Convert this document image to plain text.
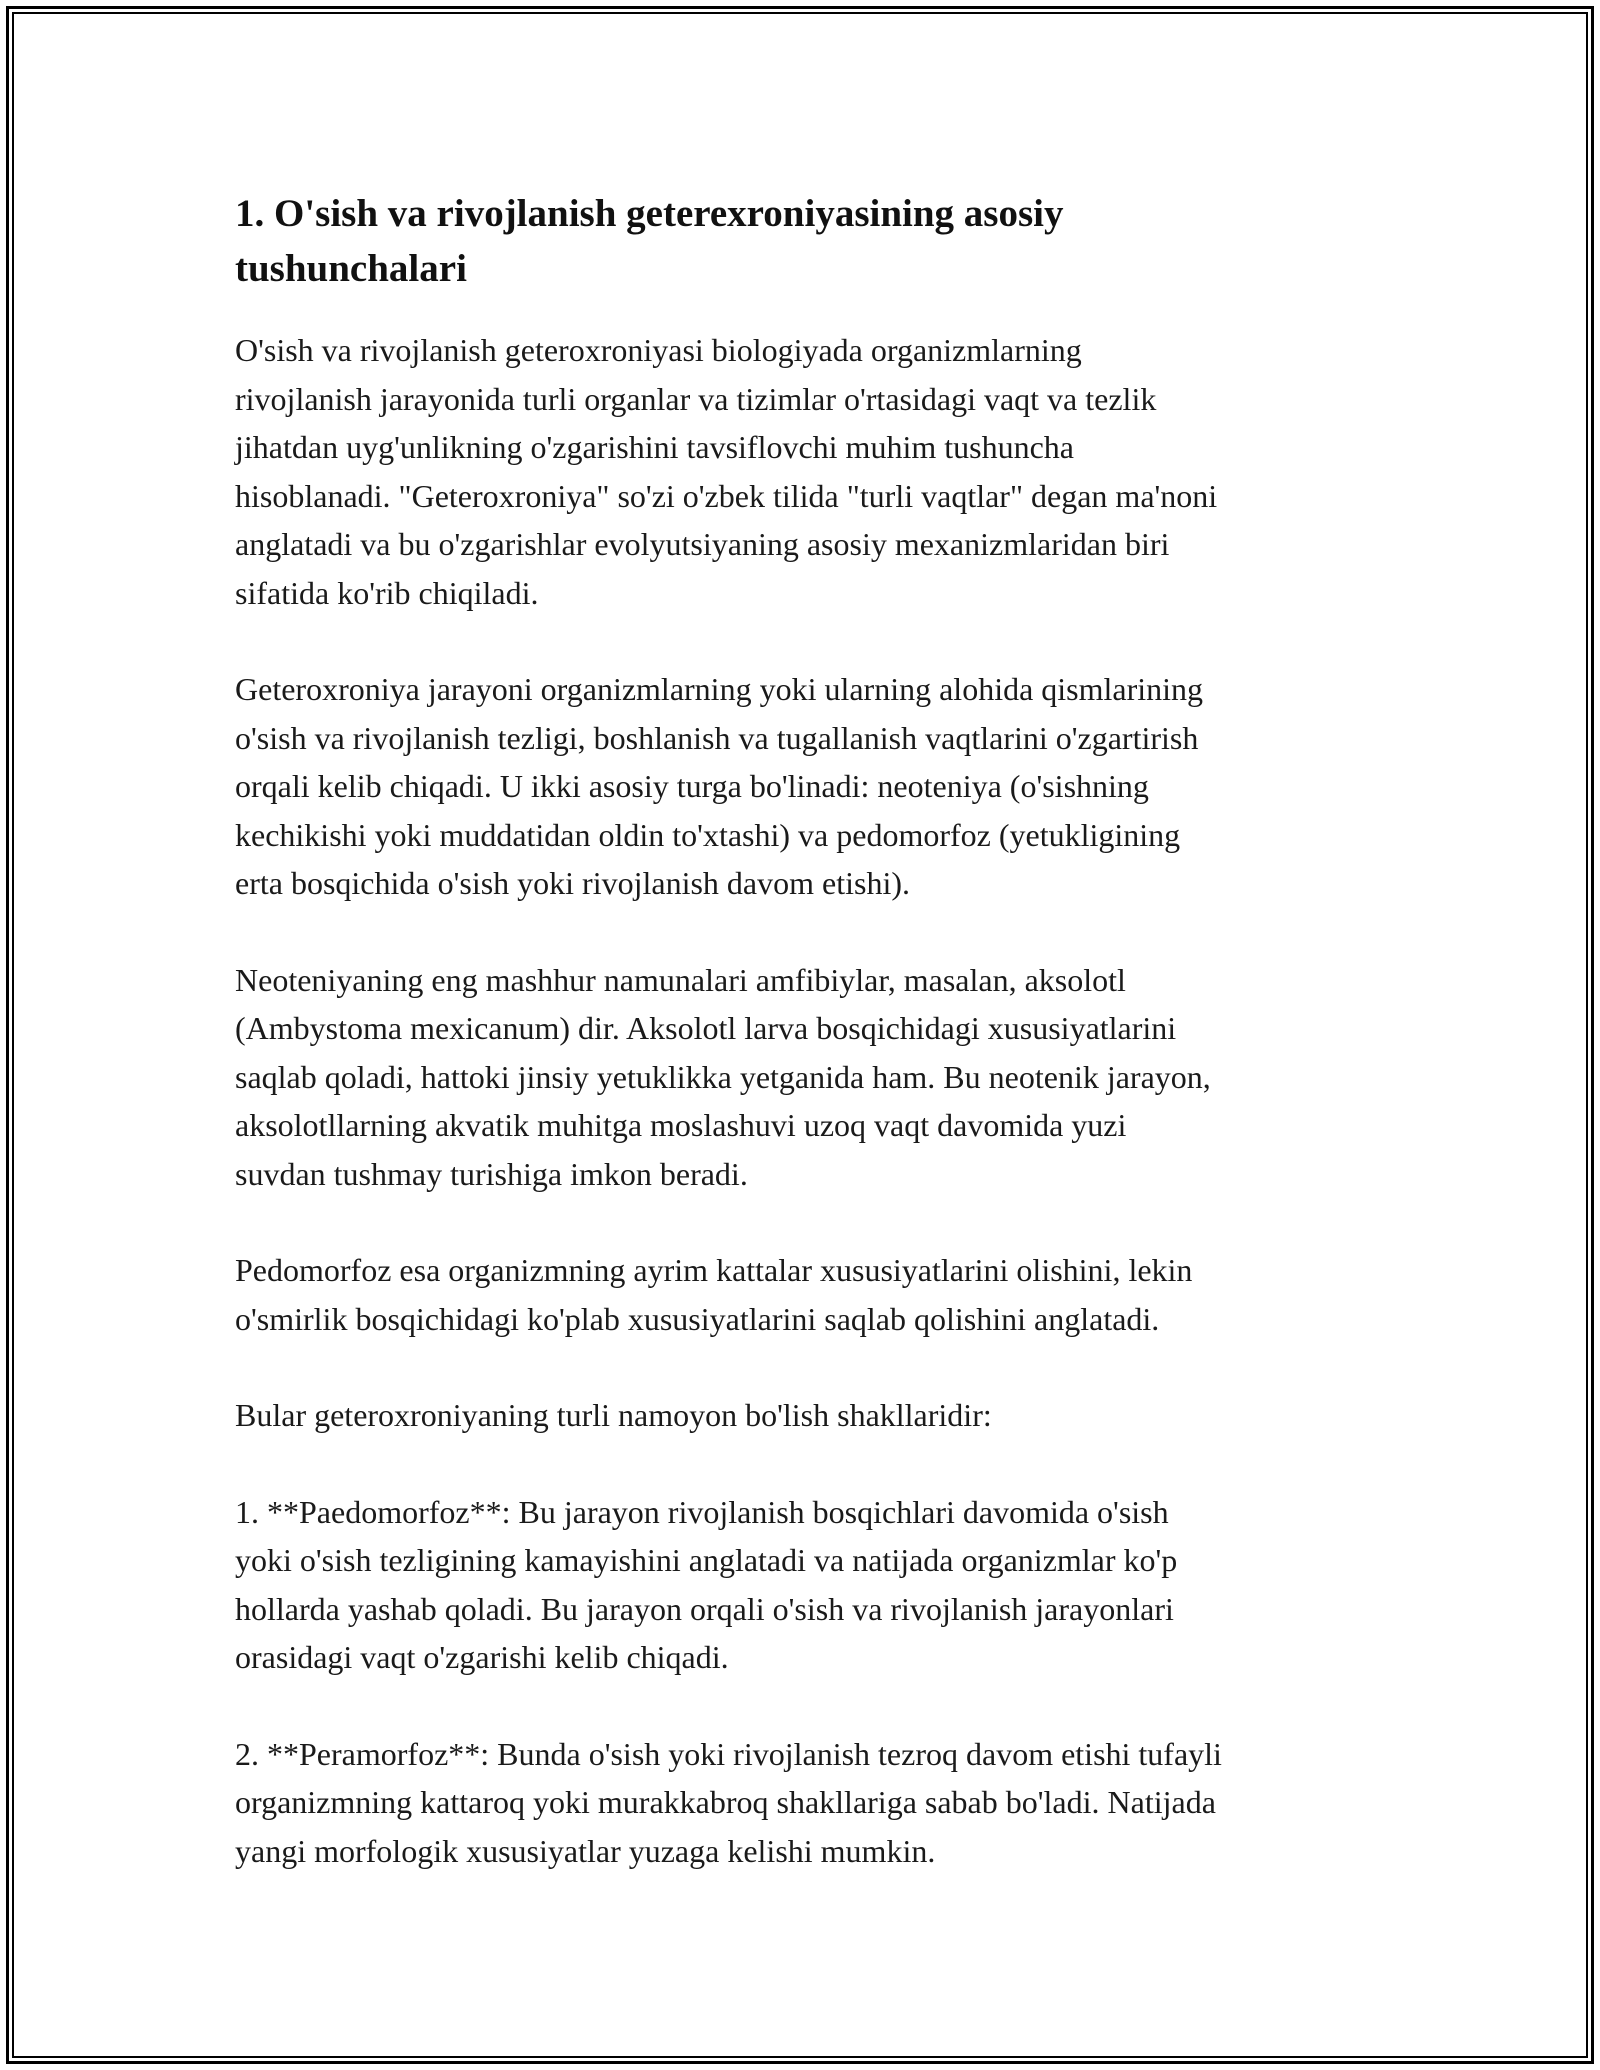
1. O'sish va rivojlanish geterexroniyasining asosiy
tushunchalari

O'sish va rivojlanish geteroxroniyasi biologiyada organizmlarning
rivojlanish jarayonida turli organlar va tizimlar o'rtasidagi vaqt va tezlik
jihatdan uyg'unlikning o'zgarishini tavsiflovchi muhim tushuncha
hisoblanadi. "Geteroxroniya" so'zi o'zbek tilida "turli vaqtlar" degan ma'noni
anglatadi va bu o'zgarishlar evolyutsiyaning asosiy mexanizmlaridan biri
sifatida ko'rib chiqiladi.

Geteroxroniya jarayoni organizmlarning yoki ularning alohida qismlarining
o'sish va rivojlanish tezligi, boshlanish va tugallanish vaqtlarini o'zgartirish
orqali kelib chiqadi. U ikki asosiy turga bo'linadi: neoteniya (o'sishning
kechikishi yoki muddatidan oldin to'xtashi) va pedomorfoz (yetukligining
erta bosqichida o'sish yoki rivojlanish davom etishi).

Neoteniyaning eng mashhur namunalari amfibiylar, masalan, aksolotl
(Ambystoma mexicanum) dir. Aksolotl larva bosqichidagi xususiyatlarini
saqlab qoladi, hattoki jinsiy yetuklikka yetganida ham. Bu neotenik jarayon,
aksolotllarning akvatik muhitga moslashuvi uzoq vaqt davomida yuzi
suvdan tushmay turishiga imkon beradi.

Pedomorfoz esa organizmning ayrim kattalar xususiyatlarini olishini, lekin
o'smirlik bosqichidagi ko'plab xususiyatlarini saqlab qolishini anglatadi.

Bular geteroxroniyaning turli namoyon bo'lish shakllaridir:

1. **Paedomorfoz**: Bu jarayon rivojlanish bosqichlari davomida o'sish
yoki o'sish tezligining kamayishini anglatadi va natijada organizmlar ko'p
hollarda yashab qoladi. Bu jarayon orqali o'sish va rivojlanish jarayonlari
orasidagi vaqt o'zgarishi kelib chiqadi.

2. **Peramorfoz**: Bunda o'sish yoki rivojlanish tezroq davom etishi tufayli
organizmning kattaroq yoki murakkabroq shakllariga sabab bo'ladi. Natijada
yangi morfologik xususiyatlar yuzaga kelishi mumkin.
